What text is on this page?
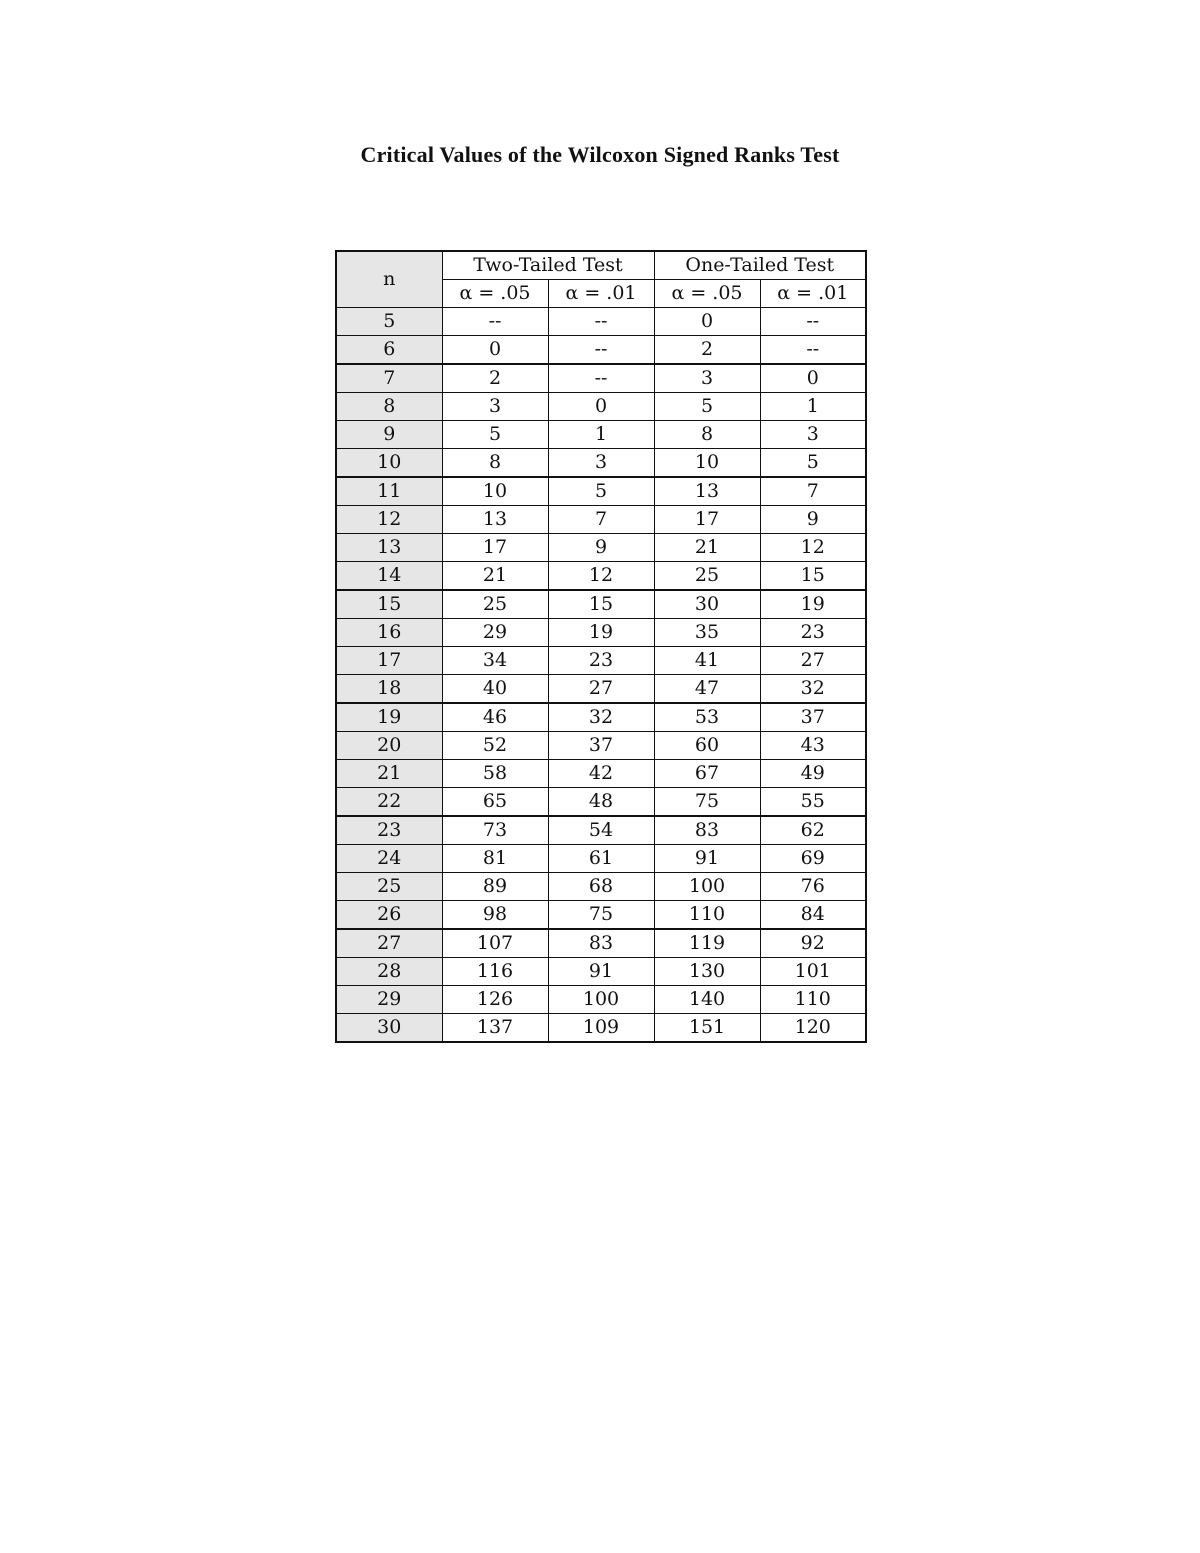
Critical Values of the Wilcoxon Signed Ranks Test
n	Two-Tailed Test		One-Tailed Test	
	α = .05	α = .01	α = .05	α = .01
5	--	--	0	--
6	0	--	2	--
7	2	--	3	0
8	3	0	5	1
9	5	1	8	3
10	8	3	10	5
11	10	5	13	7
12	13	7	17	9
13	17	9	21	12
14	21	12	25	15
15	25	15	30	19
16	29	19	35	23
17	34	23	41	27
18	40	27	47	32
19	46	32	53	37
20	52	37	60	43
21	58	42	67	49
22	65	48	75	55
23	73	54	83	62
24	81	61	91	69
25	89	68	100	76
26	98	75	110	84
27	107	83	119	92
28	116	91	130	101
29	126	100	140	110
30	137	109	151	120
